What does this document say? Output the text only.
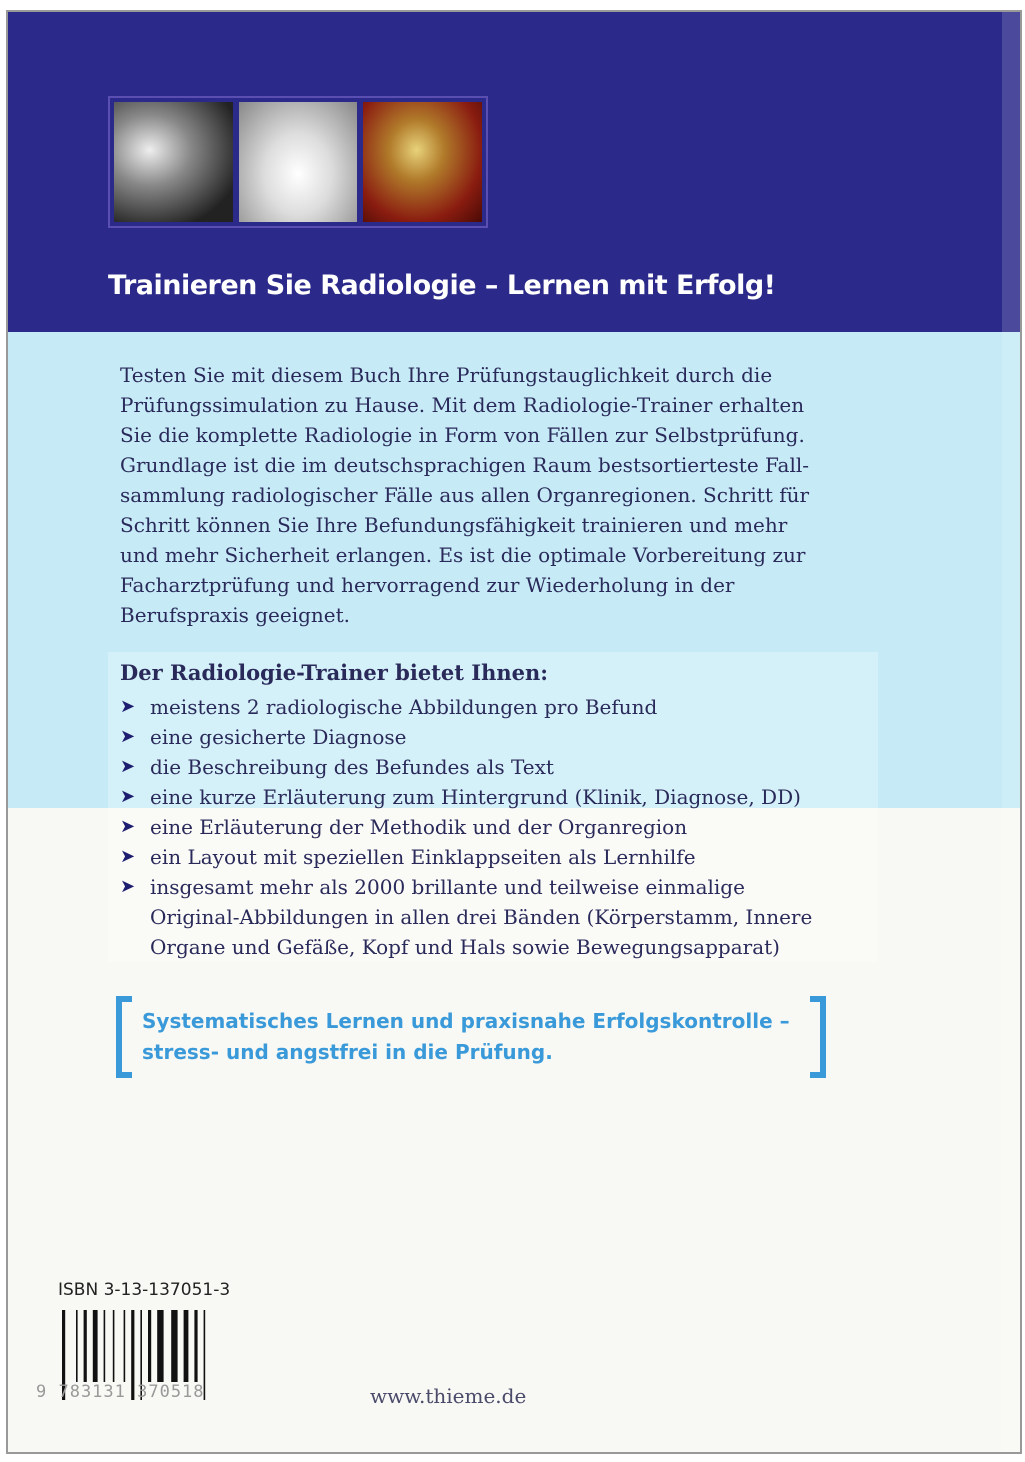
Trainieren Sie Radiologie – Lernen mit Erfolg!
Testen Sie mit diesem Buch Ihre Prüfungstauglichkeit durch die
Prüfungssimulation zu Hause. Mit dem Radiologie-Trainer erhalten
Sie die komplette Radiologie in Form von Fällen zur Selbstprüfung.
Grundlage ist die im deutschsprachigen Raum bestsortierteste Fall-
sammlung radiologischer Fälle aus allen Organregionen. Schritt für
Schritt können Sie Ihre Befundungsfähigkeit trainieren und mehr
und mehr Sicherheit erlangen. Es ist die optimale Vorbereitung zur
Facharztprüfung und hervorragend zur Wiederholung in der
Berufspraxis geeignet.
Der Radiologie-Trainer bietet Ihnen:
➤ meistens 2 radiologische Abbildungen pro Befund
➤ eine gesicherte Diagnose
➤ die Beschreibung des Befundes als Text
➤ eine kurze Erläuterung zum Hintergrund (Klinik, Diagnose, DD)
➤ eine Erläuterung der Methodik und der Organregion
➤ ein Layout mit speziellen Einklappseiten als Lernhilfe
➤ insgesamt mehr als 2000 brillante und teilweise einmalige
Original-Abbildungen in allen drei Bänden (Körperstamm, Innere
Organe und Gefäße, Kopf und Hals sowie Bewegungsapparat)
Systematisches Lernen und praxisnahe Erfolgskontrolle –
stress- und angstfrei in die Prüfung.
ISBN 3-13-137051-3
9 783131 370518	www.thieme.de
